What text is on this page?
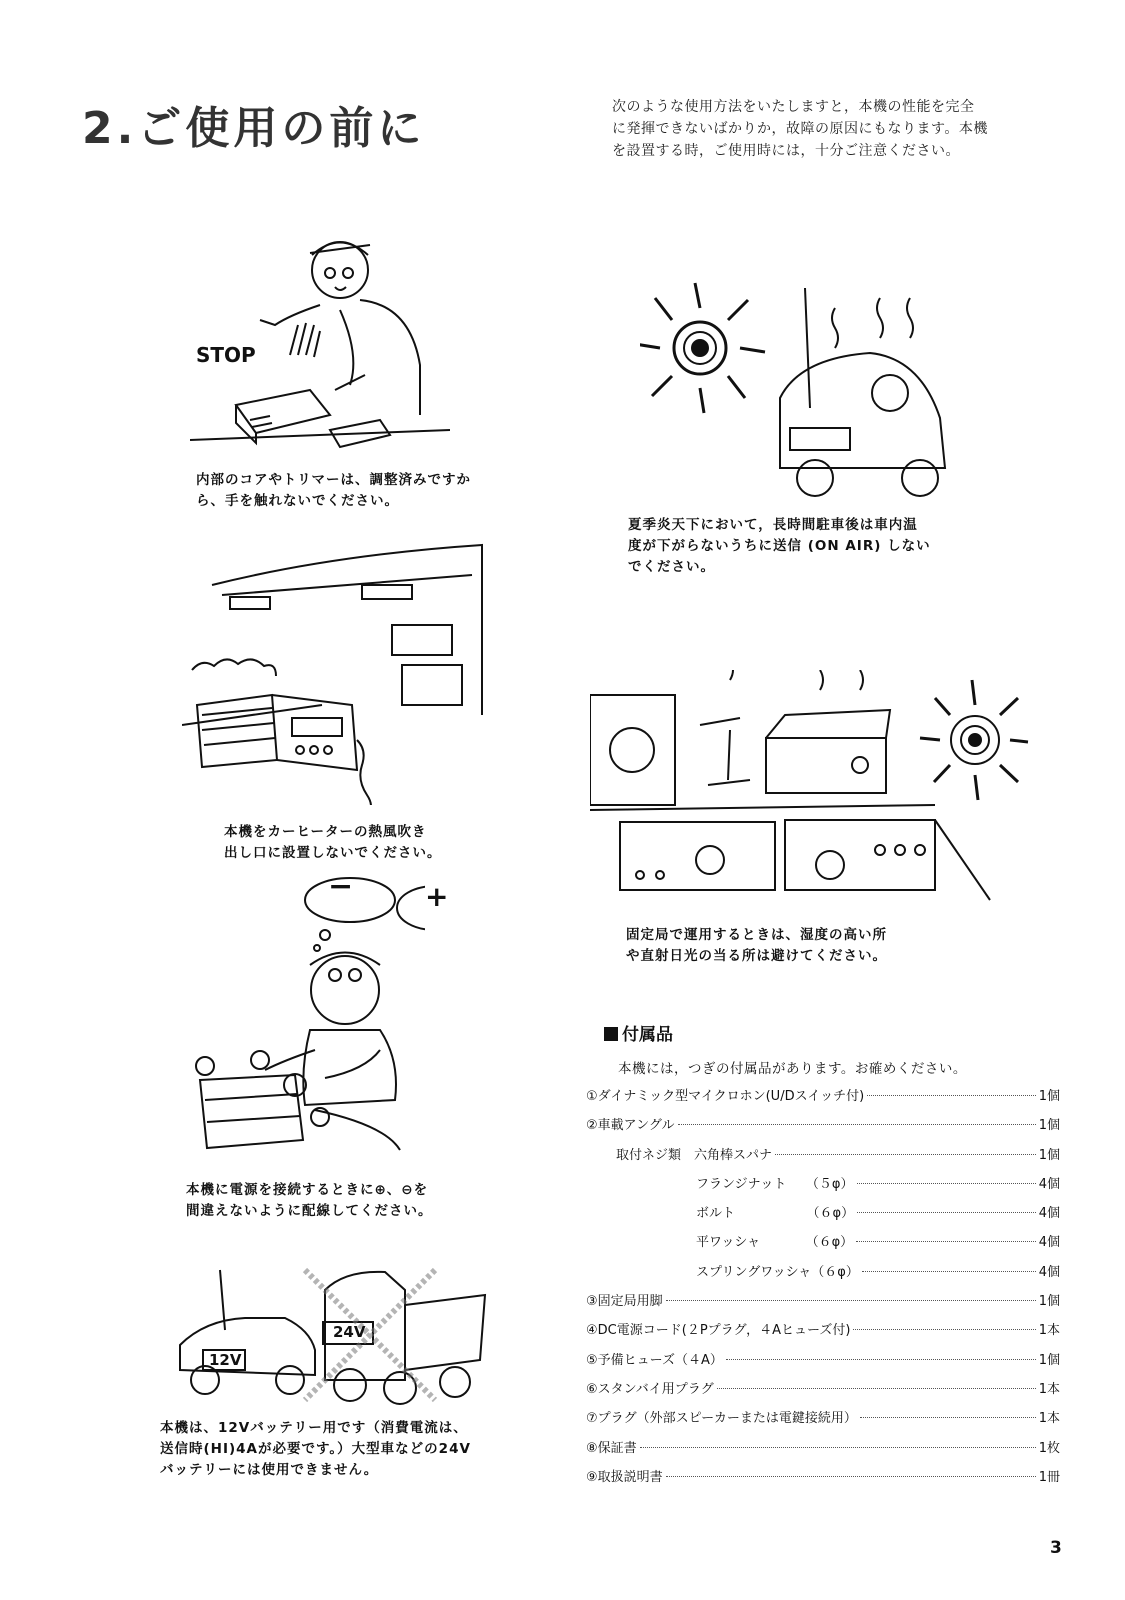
2.ご使用の前に	次のような使用方法をいたしますと，本機の性能を完全
に発揮できないばかりか，故障の原因にもなります。本機
を設置する時，ご使用時には，十分ご注意ください。
STOP
内部のコアやトリマーは、調整済みですか
ら、手を触れないでください。
夏季炎天下において，長時間駐車後は車内温
度が下がらないうちに送信 (ON AIR) しない
でください。
本機をカーヒーターの熱風吹き
出し口に設置しないでください。
固定局で運用するときは、湿度の高い所
や直射日光の当る所は避けてください。
−	+
本機に電源を接続するときに⊕、⊖を
間違えないように配線してください。
12V
24V
本機は、12Vバッテリー用です（消費電流は、
送信時(HI)4Aが必要です。）大型車などの24V
バッテリーには使用できません。
付属品
本機には，つぎの付属品があります。お確めください。
①ダイナミック型マイクロホン(U/Dスイッチ付)	1個
②車載アングル	1個
取付ネジ類　六角棒スパナ	1個
フランジナット　　（５φ）	4個
ボルト　　　　　　（６φ）	4個
平ワッシャ　　　　（６φ）	4個
スプリングワッシャ（６φ）	4個
③固定局用脚	1個
④DC電源コード(２Pプラグ，４Aヒューズ付)	1本
⑤予備ヒューズ（４A）	1個
⑥スタンバイ用プラグ	1本
⑦プラグ（外部スピーカーまたは電鍵接続用）	1本
⑧保証書	1枚
⑨取扱説明書	1冊
3
